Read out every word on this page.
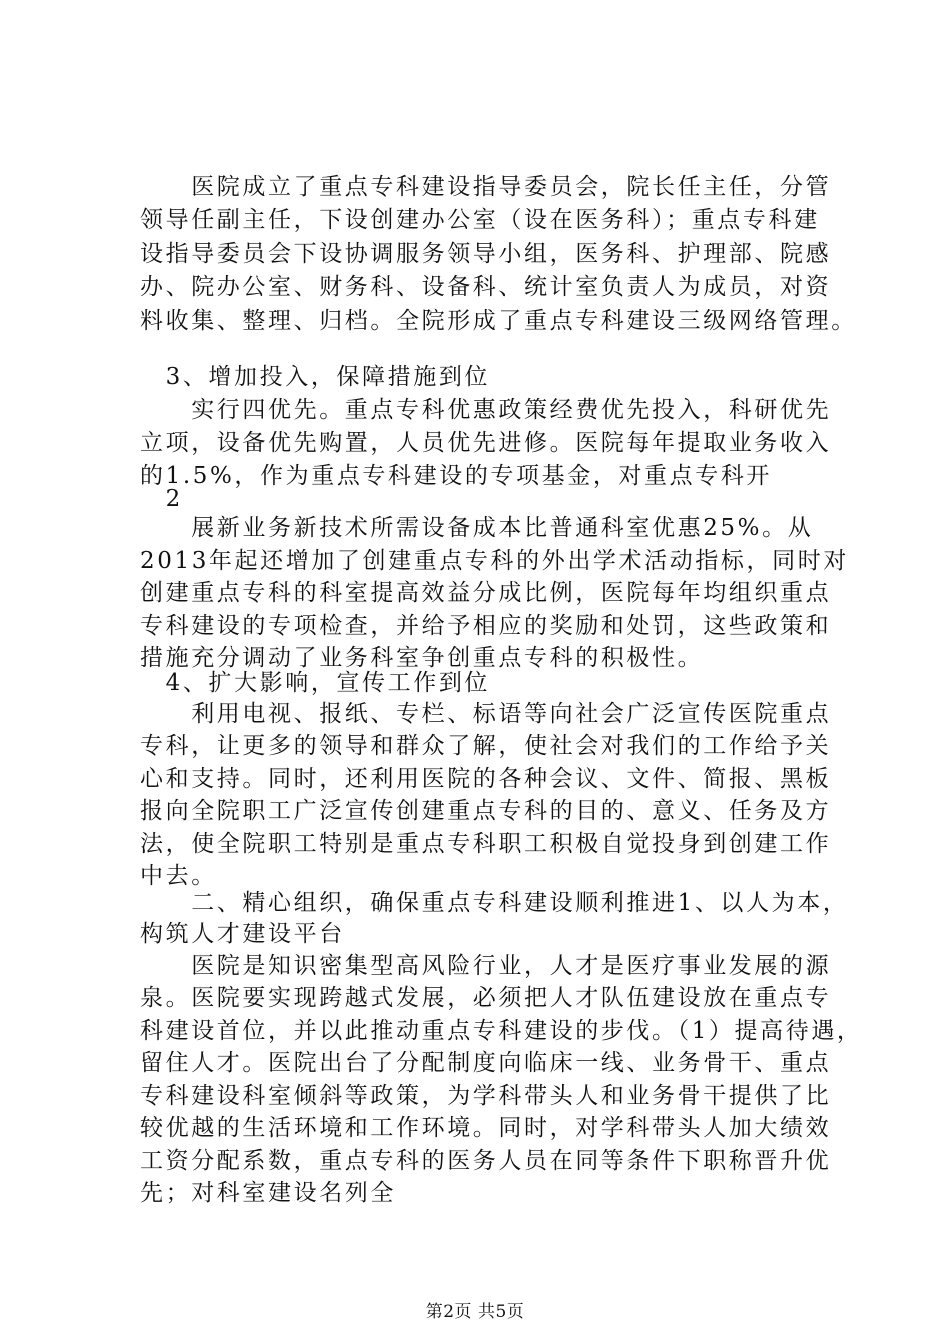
　　医院成立了重点专科建设指导委员会，院长任主任，分管
领导任副主任，下设创建办公室（设在医务科）；重点专科建
设指导委员会下设协调服务领导小组，医务科、护理部、院感
办、院办公室、财务科、设备科、统计室负责人为成员，对资
料收集、整理、归档。全院形成了重点专科建设三级网络管理。
　3、增加投入，保障措施到位
　　实行四优先。重点专科优惠政策经费优先投入，科研优先
立项，设备优先购置，人员优先进修。医院每年提取业务收入
的1.5%，作为重点专科建设的专项基金，对重点专科开
　2
　　展新业务新技术所需设备成本比普通科室优惠25%。从
2013年起还增加了创建重点专科的外出学术活动指标，同时对
创建重点专科的科室提高效益分成比例，医院每年均组织重点
专科建设的专项检查，并给予相应的奖励和处罚，这些政策和
措施充分调动了业务科室争创重点专科的积极性。
　4、扩大影响，宣传工作到位
　　利用电视、报纸、专栏、标语等向社会广泛宣传医院重点
专科，让更多的领导和群众了解，使社会对我们的工作给予关
心和支持。同时，还利用医院的各种会议、文件、简报、黑板
报向全院职工广泛宣传创建重点专科的目的、意义、任务及方
法，使全院职工特别是重点专科职工积极自觉投身到创建工作
中去。
　　二、精心组织，确保重点专科建设顺利推进1、以人为本，
构筑人才建设平台
　　医院是知识密集型高风险行业，人才是医疗事业发展的源
泉。医院要实现跨越式发展，必须把人才队伍建设放在重点专
科建设首位，并以此推动重点专科建设的步伐。（1）提高待遇，
留住人才。医院出台了分配制度向临床一线、业务骨干、重点
专科建设科室倾斜等政策，为学科带头人和业务骨干提供了比
较优越的生活环境和工作环境。同时，对学科带头人加大绩效
工资分配系数，重点专科的医务人员在同等条件下职称晋升优
先；对科室建设名列全
第2页 共5页
